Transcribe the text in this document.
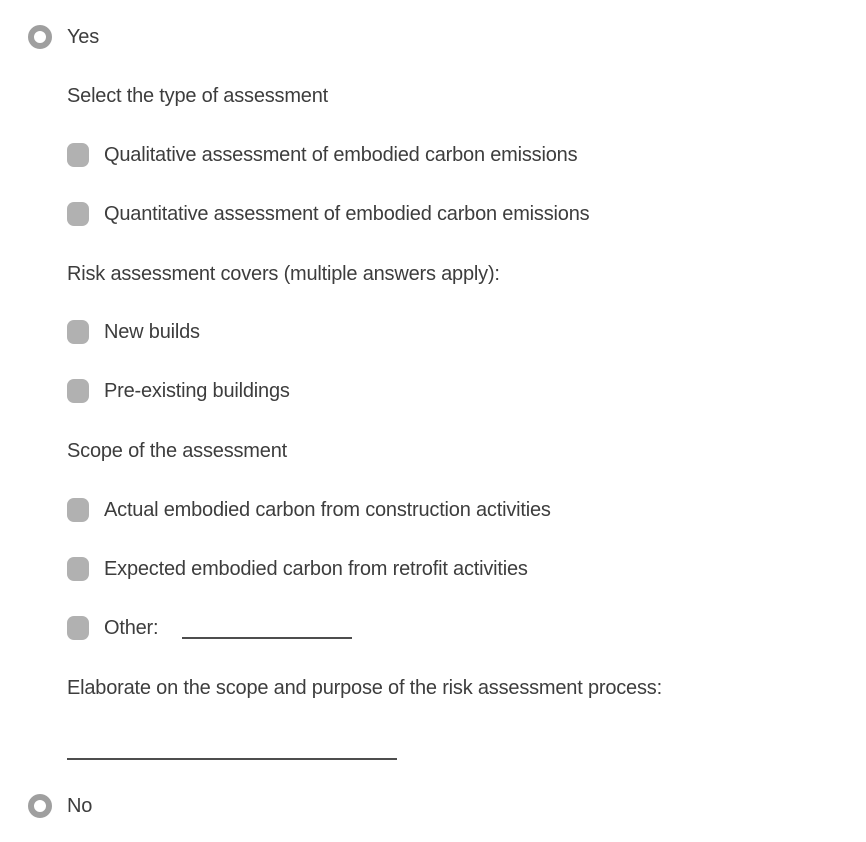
Yes
Select the type of assessment
Qualitative assessment of embodied carbon emissions
Quantitative assessment of embodied carbon emissions
Risk assessment covers (multiple answers apply):
New builds
Pre-existing buildings
Scope of the assessment
Actual embodied carbon from construction activities
Expected embodied carbon from retrofit activities
Other:
Elaborate on the scope and purpose of the risk assessment process:
No
